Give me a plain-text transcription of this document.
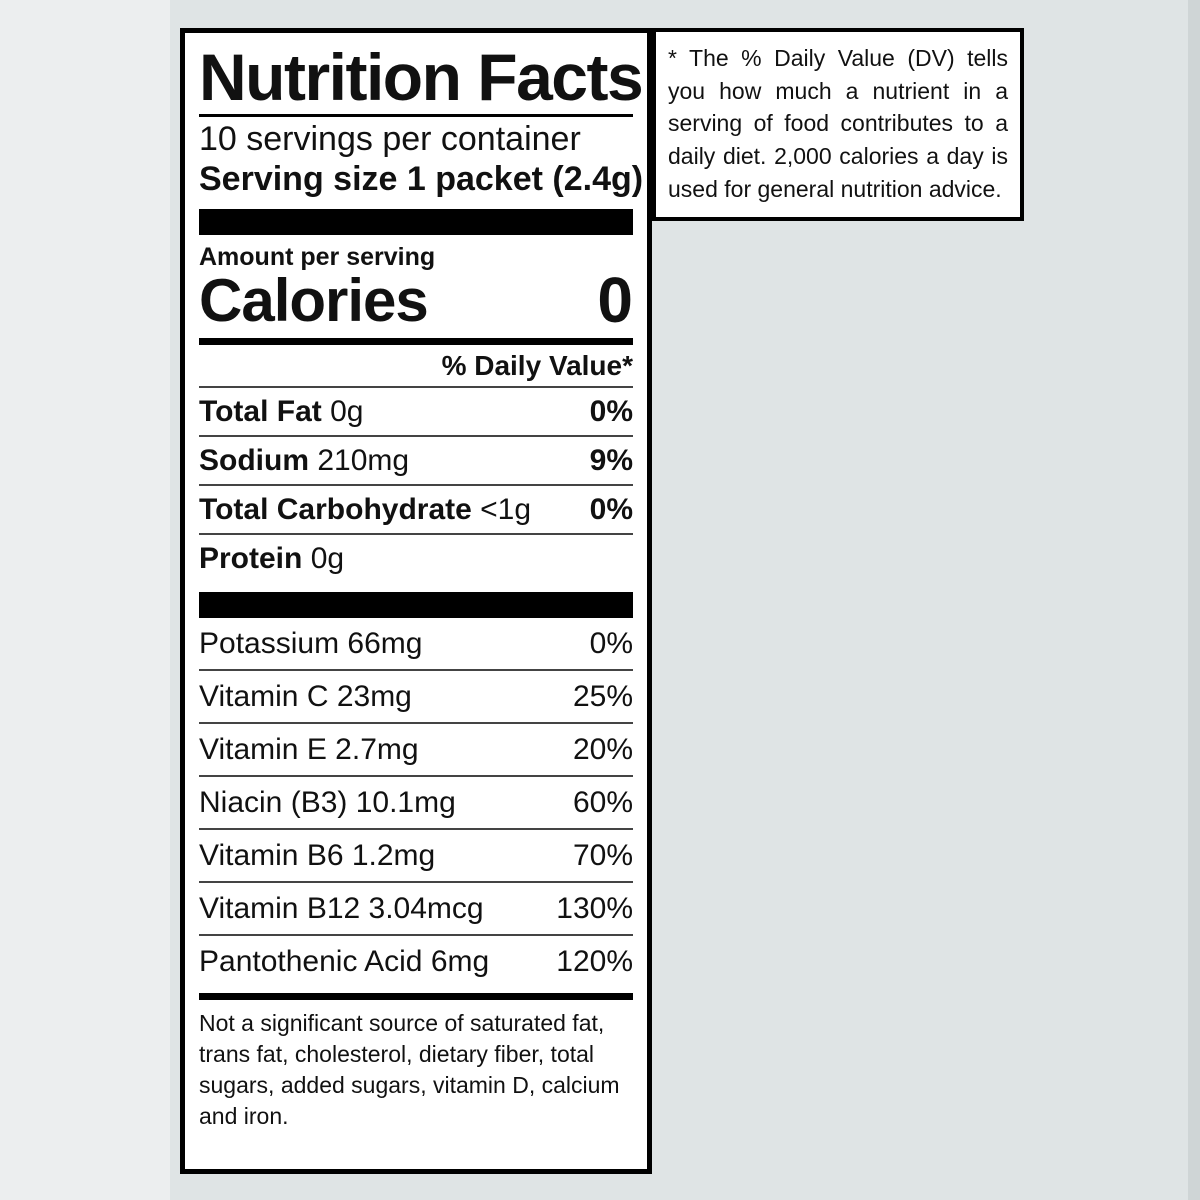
Nutrition Facts
10 servings per container
Serving size 1 packet (2.4g)
Amount per serving
Calories	0
% Daily Value*
Total Fat 0g	0%
Sodium 210mg	9%
Total Carbohydrate <1g 0%
Protein 0g
Potassium 66mg	0%
Vitamin C 23mg	25%
Vitamin E 2.7mg	20%
Niacin (B3) 10.1mg	60%
Vitamin B6 1.2mg	70%
Vitamin B12 3.04mcg 130%
Pantothenic Acid 6mg 120%
Not a significant source of saturated fat, trans fat, cholesterol, dietary fiber, total sugars, added sugars, vitamin D, calcium and iron.
* The % Daily Value (DV) tells you how much a nutrient in a serving of food contributes to a daily diet. 2,000 calories a day is used for general nutrition advice.
